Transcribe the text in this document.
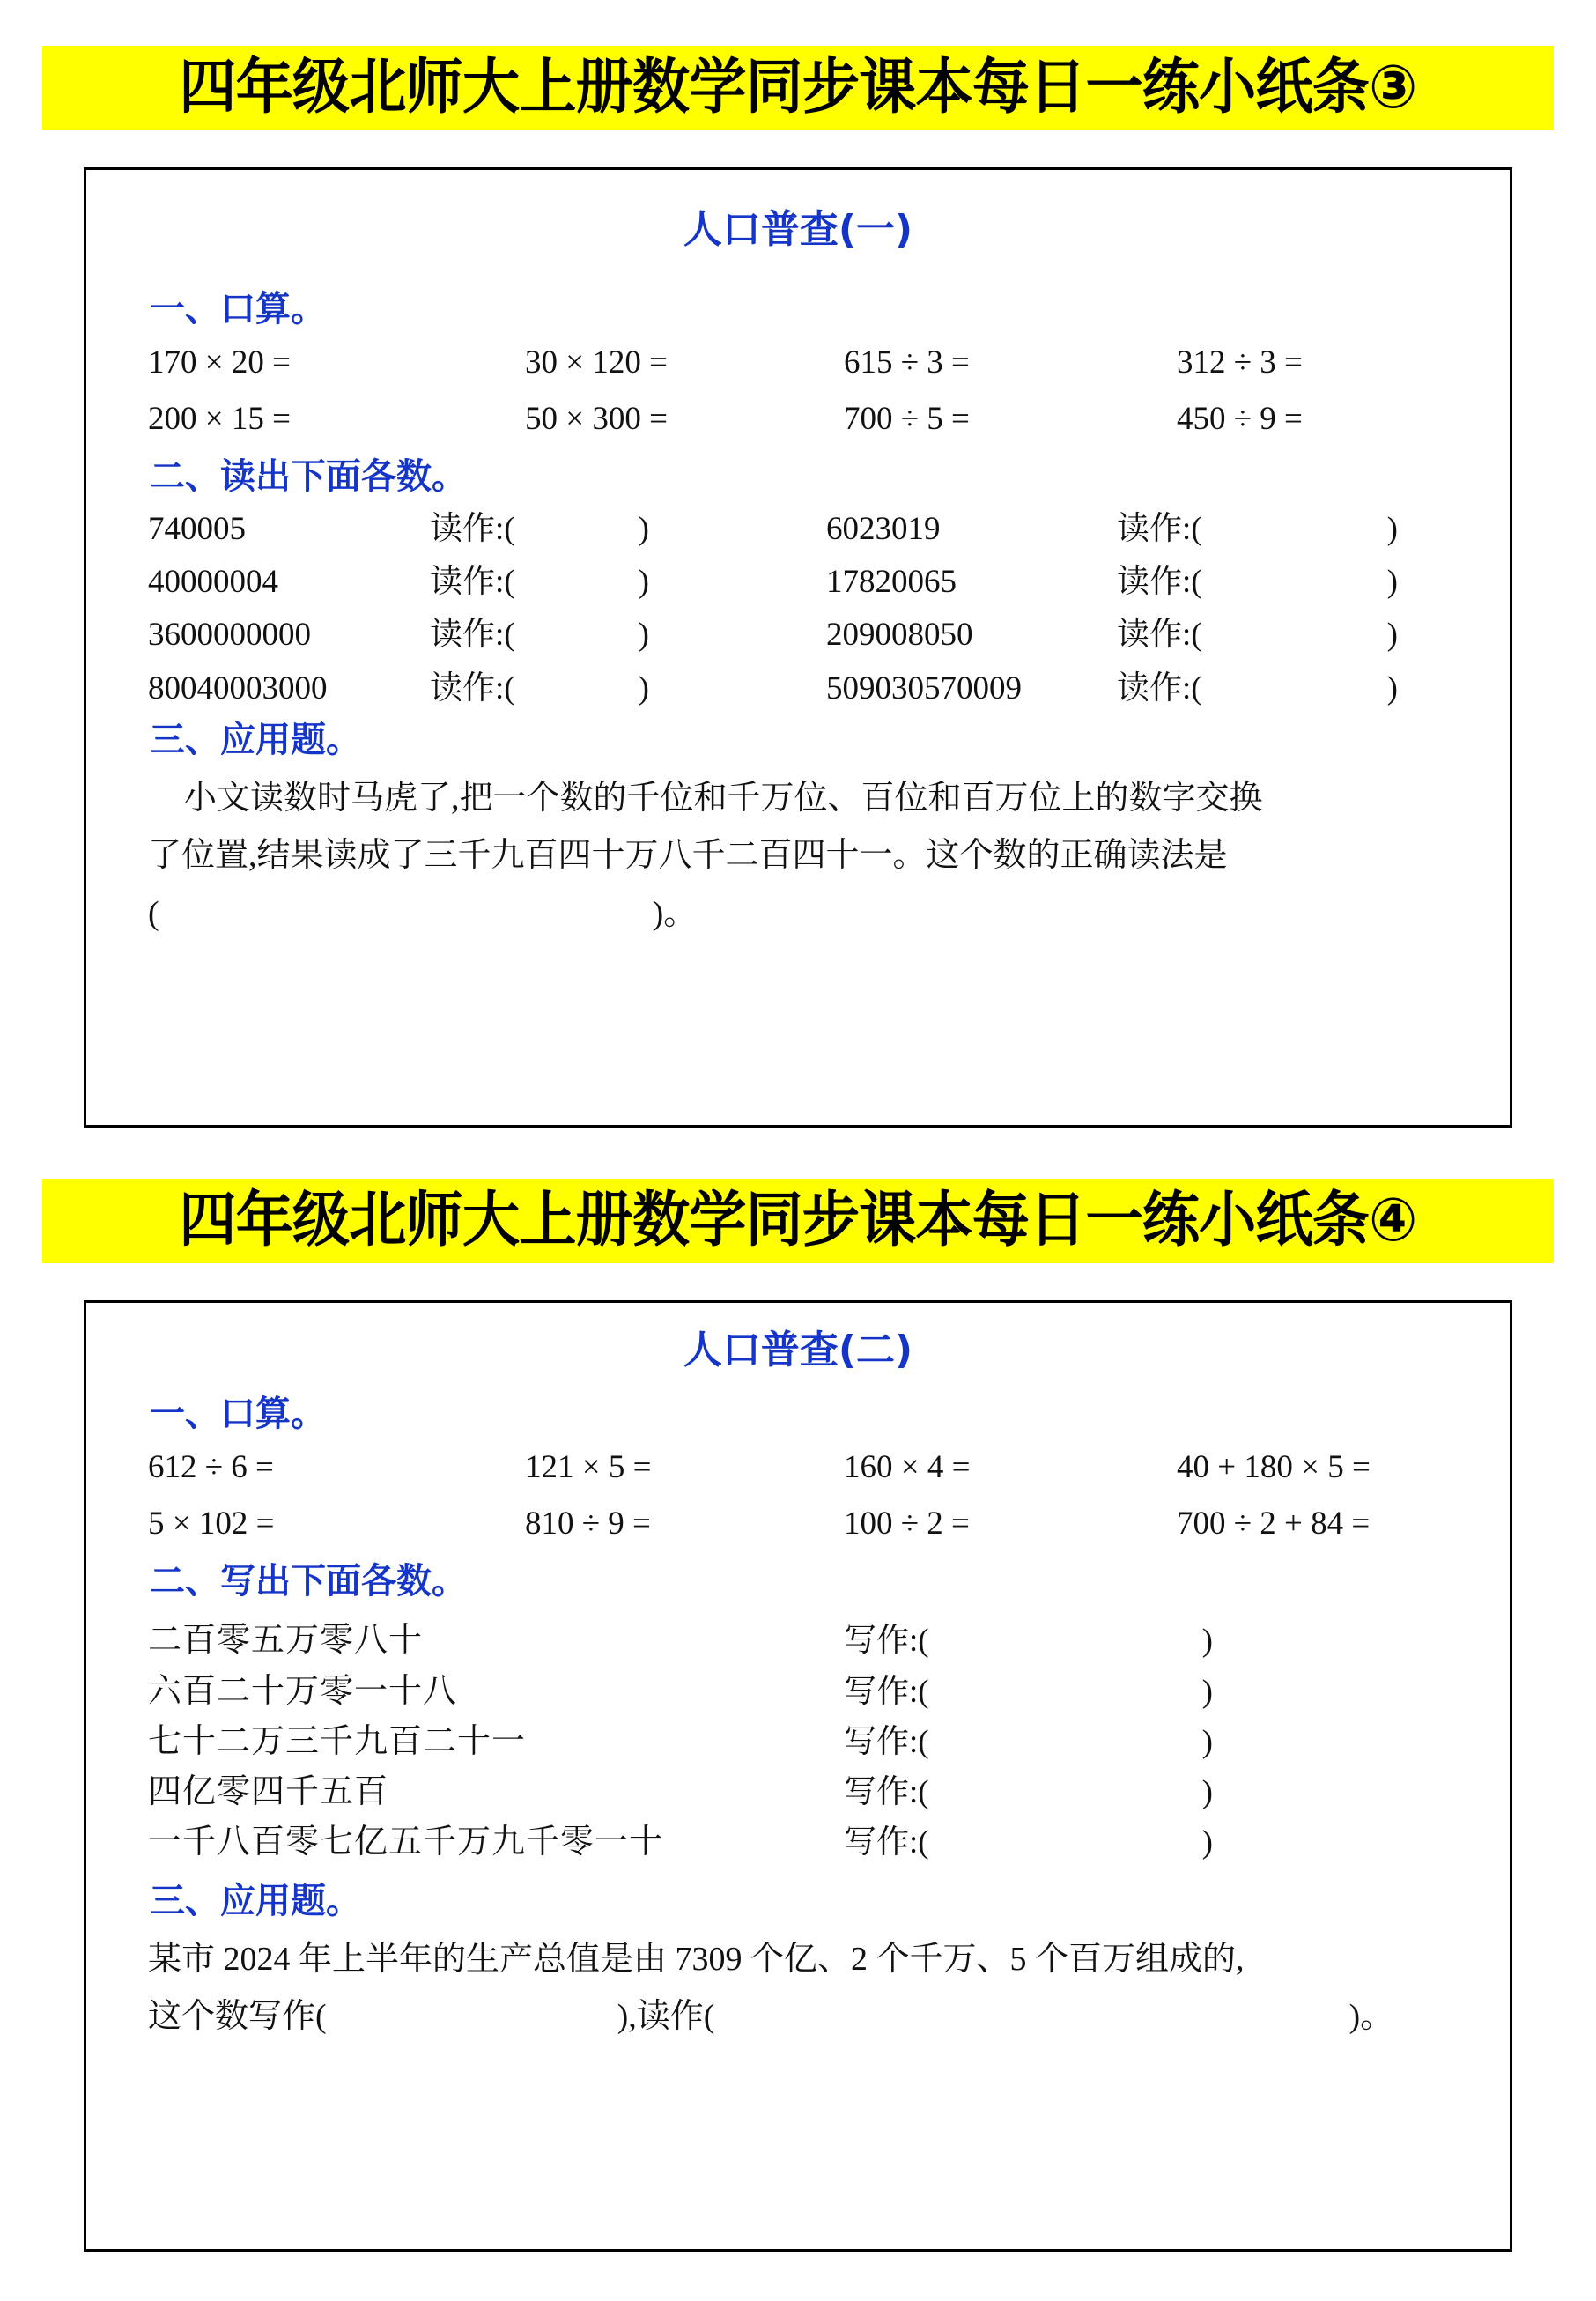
四年级北师大上册数学同步课本每日一练小纸条③
人口普查(一)
一、口算。
170 × 20 =	30 × 120 =	615 ÷ 3 =	312 ÷ 3 =
200 × 15 =	50 × 300 =	700 ÷ 5 =	450 ÷ 9 =
二、读出下面各数。
740005	读作:(	)	6023019	读作:(	)
40000004	读作:(	)	17820065	读作:(	)
3600000000	读作:(	)	209008050	读作:(	)
80040003000	读作:(	)	509030570009	读作:(	)
三、应用题。
小文读数时马虎了,把一个数的千位和千万位、百位和百万位上的数字交换
了位置,结果读成了三千九百四十万八千二百四十一。这个数的正确读法是
(	)。
四年级北师大上册数学同步课本每日一练小纸条④
人口普查(二)
一、口算。
612 ÷ 6 =	121 × 5 =	160 × 4 =	40 + 180 × 5 =
5 × 102 =	810 ÷ 9 =	100 ÷ 2 =	700 ÷ 2 + 84 =
二、写出下面各数。
二百零五万零八十	写作:(	)
六百二十万零一十八	写作:(	)
七十二万三千九百二十一	写作:(	)
四亿零四千五百	写作:(	)
一千八百零七亿五千万九千零一十	写作:(	)
三、应用题。
某市 2024 年上半年的生产总值是由 7309 个亿、2 个千万、5 个百万组成的,
这个数写作(	),读作(	)。
